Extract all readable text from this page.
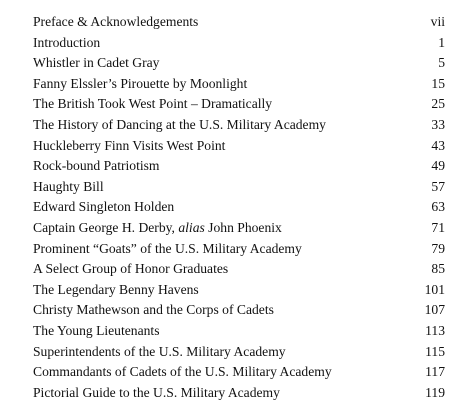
Preface & Acknowledgements	vii
Introduction	1
Whistler in Cadet Gray	5
Fanny Elssler’s Pirouette by Moonlight	15
The British Took West Point – Dramatically	25
The History of Dancing at the U.S. Military Academy	33
Huckleberry Finn Visits West Point	43
Rock-bound Patriotism	49
Haughty Bill	57
Edward Singleton Holden	63
Captain George H. Derby, alias John Phoenix	71
Prominent “Goats” of the U.S. Military Academy	79
A Select Group of Honor Graduates	85
The Legendary Benny Havens	101
Christy Mathewson and the Corps of Cadets	107
The Young Lieutenants	113
Superintendents of the U.S. Military Academy	115
Commandants of Cadets of the U.S. Military Academy	117
Pictorial Guide to the U.S. Military Academy	119
